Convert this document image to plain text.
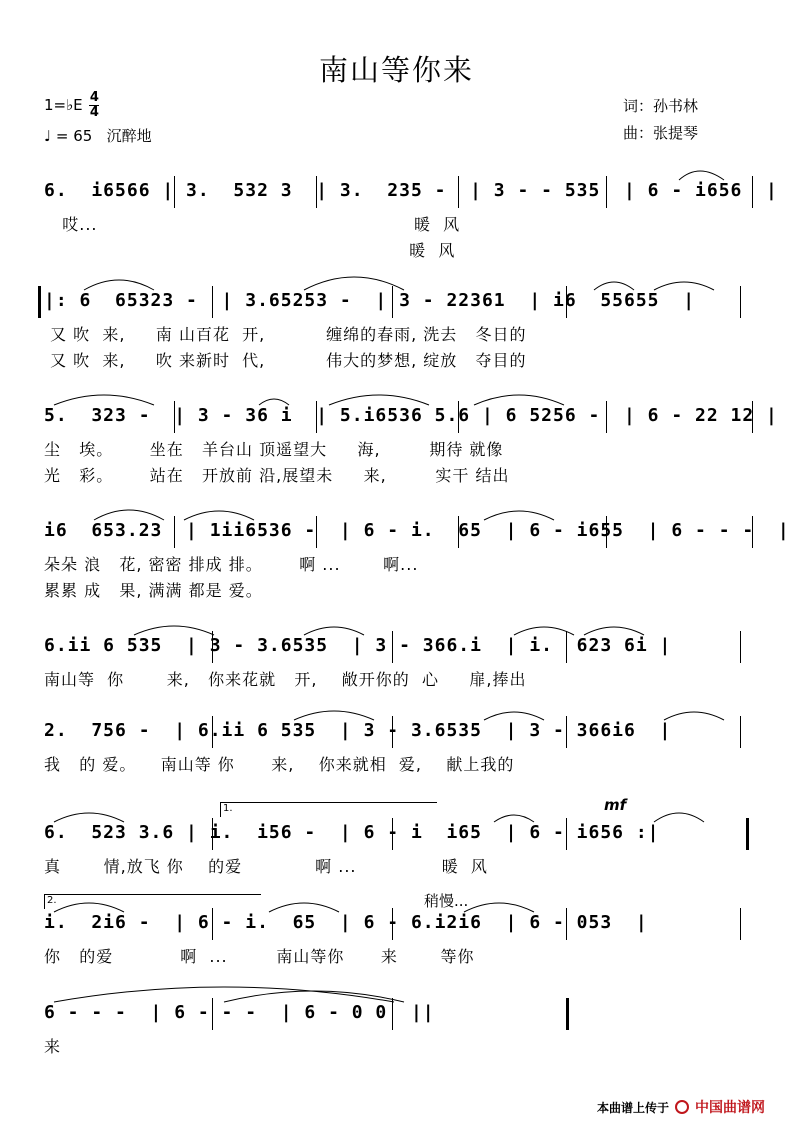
南山等你来
1=♭E $\frac{4}{4}$
♩ = 65 沉醉地
词：孙书林
曲：张提琴
6.  i6566 | 3.  532 3  | 3.  235 -  | 3 - - 535  | 6 - i656  |
哎...                                                    暖  风
暖  风
|: 6  65323 -  | 3.65253 -  | 3 - 22361  | i6  55655  |
又 吹  来,     南 山百花  开,          缠绵的春雨, 洗去   冬日的
又 吹  来,     吹 来新时  代,          伟大的梦想, 绽放   夺目的
5.  323 -  | 3 - 36 i  | 5.i6536 5.6 | 6 5256 -  | 6 - 22 12 |
尘   埃。      坐在   羊台山 顶遥望大     海,        期待 就像
光   彩。      站在   开放前 沿,展望未     来,        实干 结出
i6  653.23  | 1ii6536 -  | 6 - i.  65  | 6 - i655  | 6 - - -  |
朵朵 浪   花, 密密 排成 排。      啊 ...       啊...
累累 成   果, 满满 都是 爱。
6.ii 6 535  | 3 - 3.6535  | 3 - 366.i  | i.  623 6i |
南山等  你       来,   你来花就   开,    敞开你的  心     扉,捧出
2.  756 -  | 6.ii 6 535  | 3 - 3.6535  | 3 - 366i6  |
我   的 爱。    南山等 你      来,    你来就相  爱,    献上我的
1.	mf
6.  523 3.6 | i.  i56 -  | 6 - i  i65  | 6 - i656 :|
真       情,放飞 你    的爱            啊 ...              暖  风
2.	稍慢...
i.  2i6 -  | 6 - i.  65  | 6 - 6.i2i6  | 6 - 053  |
你   的爱           啊  ...        南山等你      来       等你
6 - - -  | 6 - - -  | 6 - 0 0  ||
来
本曲谱上传于 中国曲谱网
